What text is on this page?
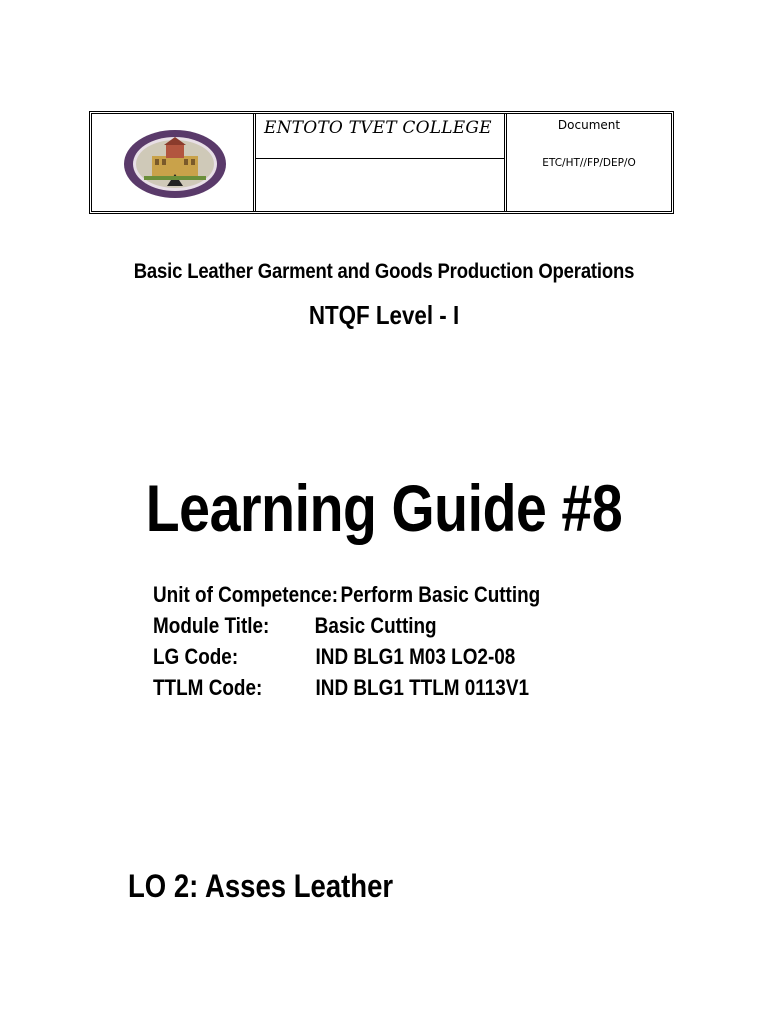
ENTOTO TVET COLLEGE	Document
ETC/HT//FP/DEP/O
Basic Leather Garment and Goods Production Operations
NTQF Level - I
Learning Guide #8
Unit of Competence: Perform Basic Cutting
Module Title: Basic Cutting
LG Code:	IND BLG1 M03 LO2-08
TTLM Code: IND BLG1 TTLM 0113V1
LO 2: Asses Leather
